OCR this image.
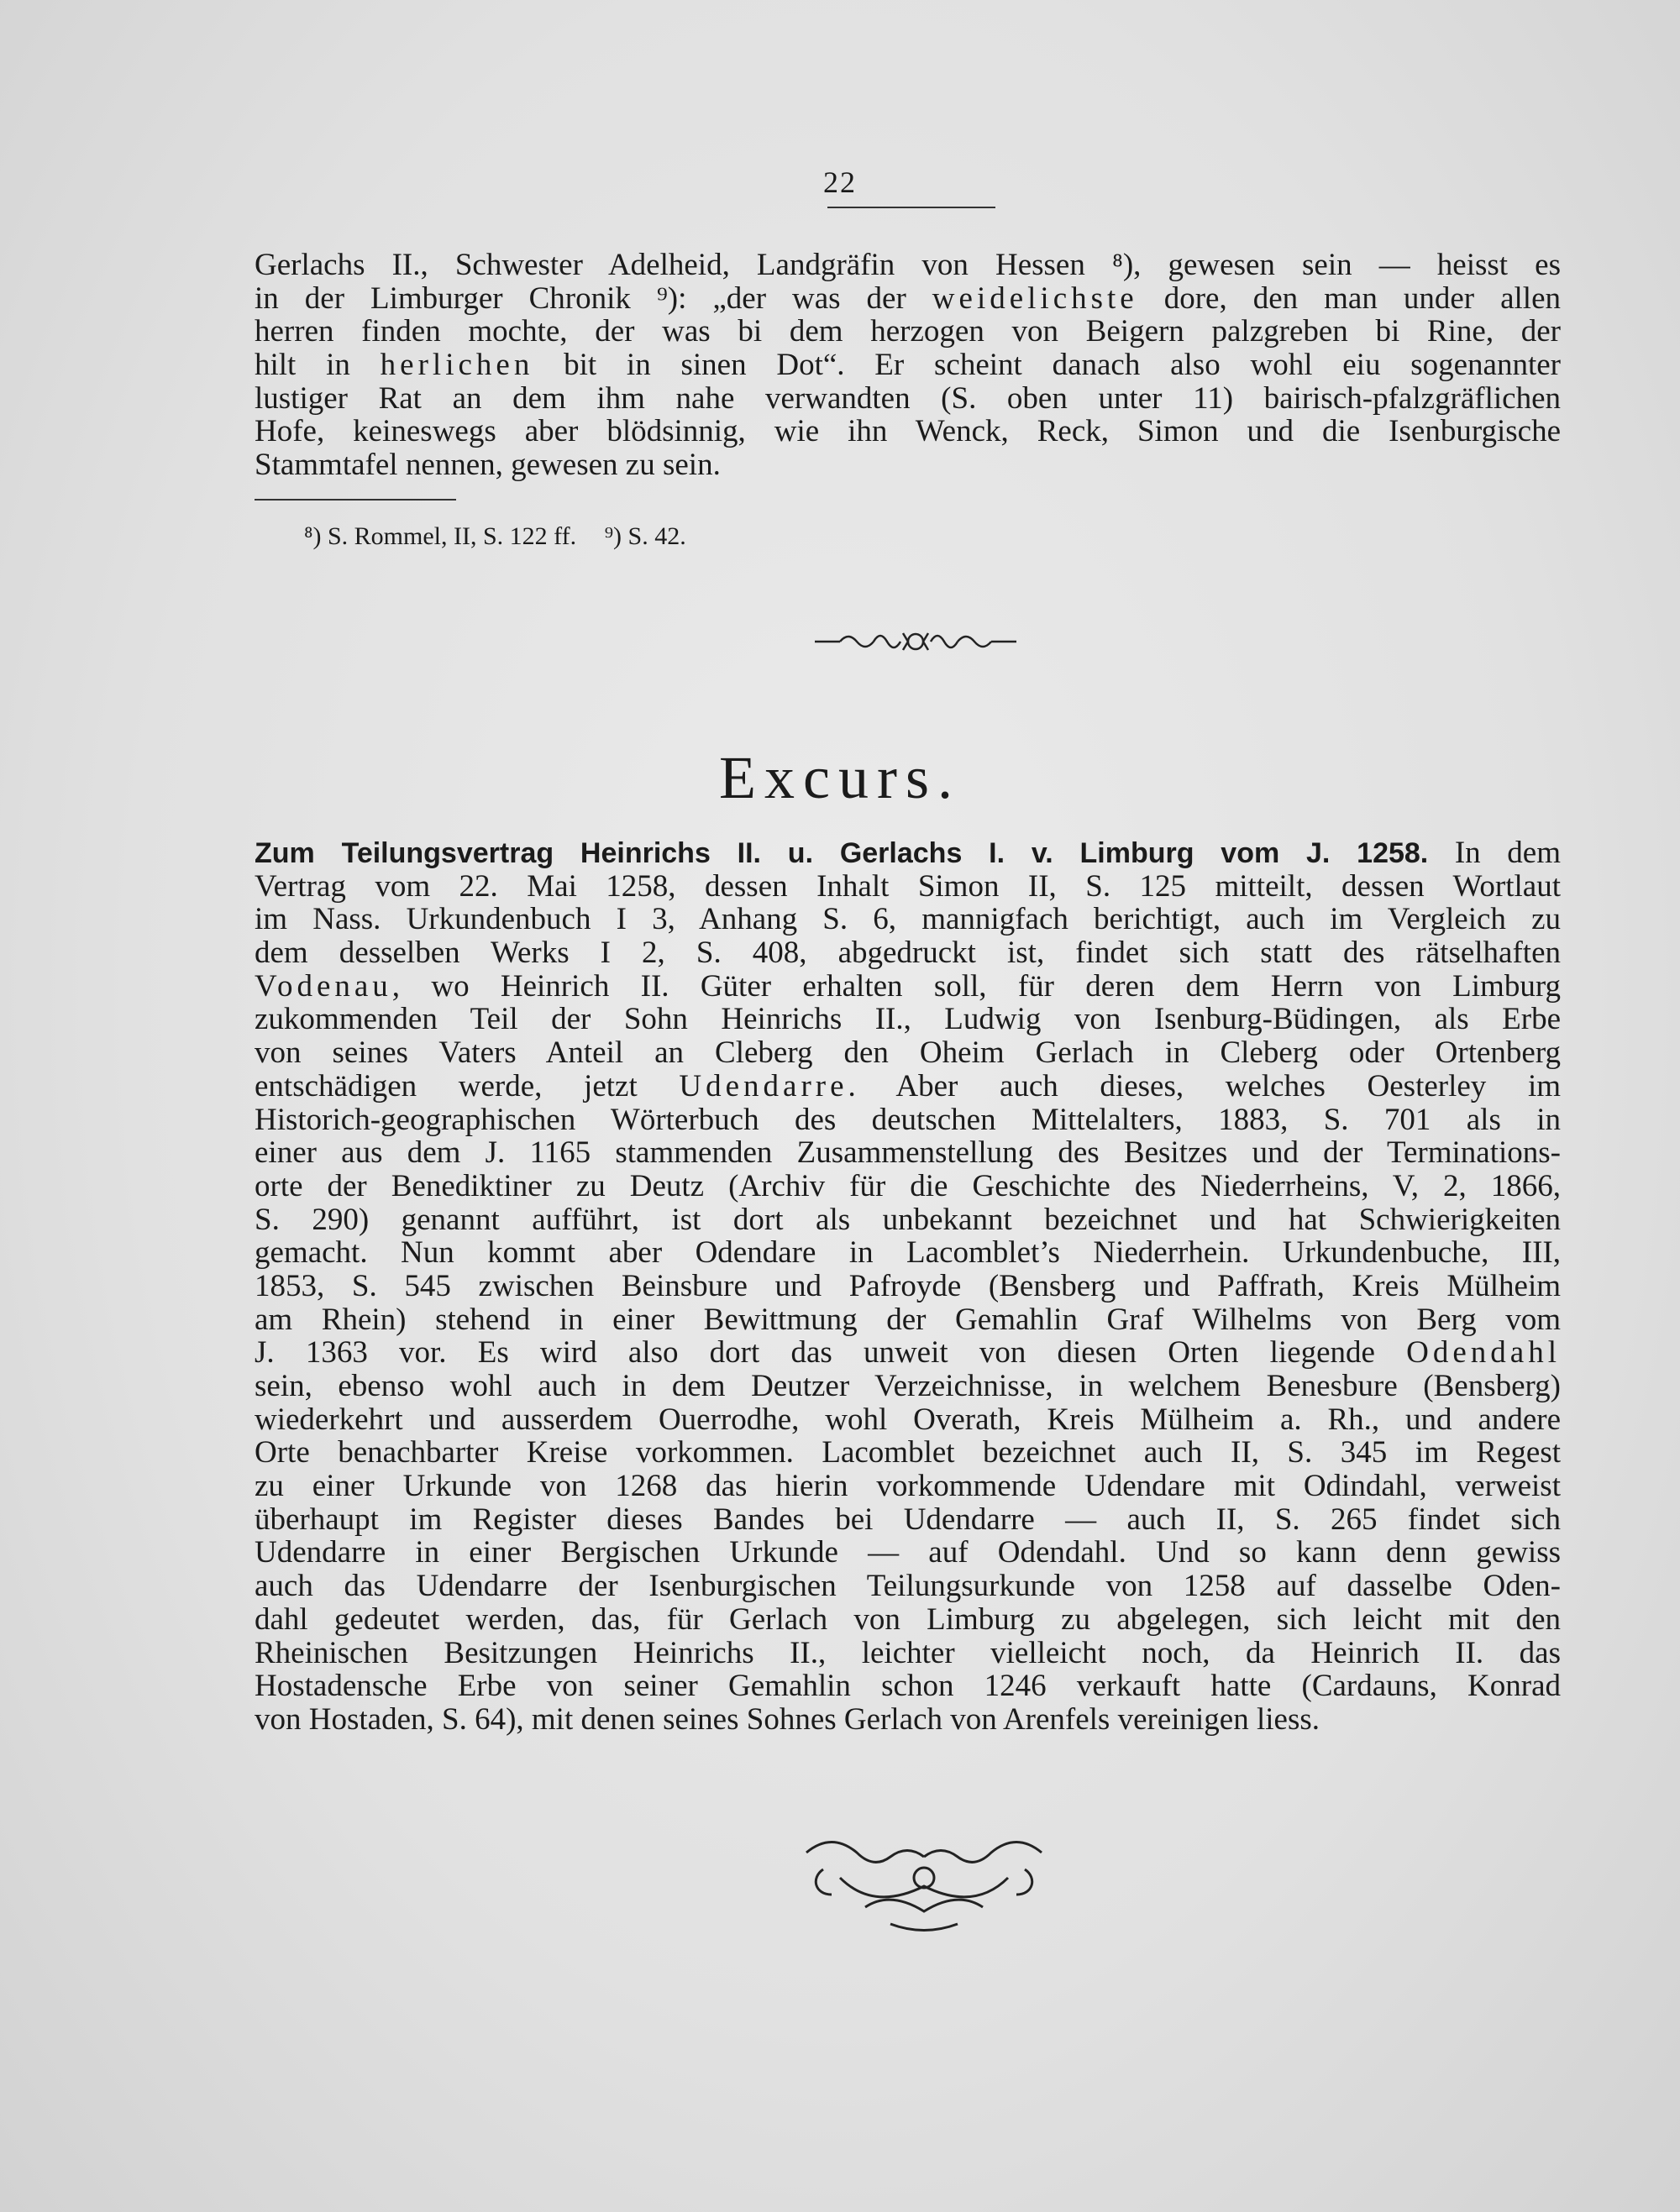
22
Gerlachs II., Schwester Adelheid, Landgräfin von Hessen ⁸), gewesen sein — heisst es
in der Limburger Chronik ⁹): „der was der weidelichste dore, den man under allen
herren finden mochte, der was bi dem herzogen von Beigern palzgreben bi Rine, der
hilt in herlichen bit in sinen Dot“. Er scheint danach also wohl eiu sogenannter
lustiger Rat an dem ihm nahe verwandten (S. oben unter 11) bairisch-pfalzgräflichen
Hofe, keineswegs aber blödsinnig, wie ihn Wenck, Reck, Simon und die Isenburgische
Stammtafel nennen, gewesen zu sein.
⁸) S. Rommel, II, S. 122 ff. ⁹) S. 42.
Excurs.
Zum Teilungsvertrag Heinrichs II. u. Gerlachs I. v. Limburg vom J. 1258. In dem
Vertrag vom 22. Mai 1258, dessen Inhalt Simon II, S. 125 mitteilt, dessen Wortlaut
im Nass. Urkundenbuch I 3, Anhang S. 6, mannigfach berichtigt, auch im Vergleich zu
dem desselben Werks I 2, S. 408, abgedruckt ist, findet sich statt des rätselhaften
Vodenau, wo Heinrich II. Güter erhalten soll, für deren dem Herrn von Limburg
zukommenden Teil der Sohn Heinrichs II., Ludwig von Isenburg-Büdingen, als Erbe
von seines Vaters Anteil an Cleberg den Oheim Gerlach in Cleberg oder Ortenberg
entschädigen werde, jetzt Udendarre. Aber auch dieses, welches Oesterley im
Historich-geographischen Wörterbuch des deutschen Mittelalters, 1883, S. 701 als in
einer aus dem J. 1165 stammenden Zusammenstellung des Besitzes und der Terminations-
orte der Benediktiner zu Deutz (Archiv für die Geschichte des Niederrheins, V, 2, 1866,
S. 290) genannt aufführt, ist dort als unbekannt bezeichnet und hat Schwierigkeiten
gemacht. Nun kommt aber Odendare in Lacomblet’s Niederrhein. Urkundenbuche, III,
1853, S. 545 zwischen Beinsbure und Pafroyde (Bensberg und Paffrath, Kreis Mülheim
am Rhein) stehend in einer Bewittmung der Gemahlin Graf Wilhelms von Berg vom
J. 1363 vor. Es wird also dort das unweit von diesen Orten liegende Odendahl
sein, ebenso wohl auch in dem Deutzer Verzeichnisse, in welchem Benesbure (Bensberg)
wiederkehrt und ausserdem Ouerrodhe, wohl Overath, Kreis Mülheim a. Rh., und andere
Orte benachbarter Kreise vorkommen. Lacomblet bezeichnet auch II, S. 345 im Regest
zu einer Urkunde von 1268 das hierin vorkommende Udendare mit Odindahl, verweist
überhaupt im Register dieses Bandes bei Udendarre — auch II, S. 265 findet sich
Udendarre in einer Bergischen Urkunde — auf Odendahl. Und so kann denn gewiss
auch das Udendarre der Isenburgischen Teilungsurkunde von 1258 auf dasselbe Oden-
dahl gedeutet werden, das, für Gerlach von Limburg zu abgelegen, sich leicht mit den
Rheinischen Besitzungen Heinrichs II., leichter vielleicht noch, da Heinrich II. das
Hostadensche Erbe von seiner Gemahlin schon 1246 verkauft hatte (Cardauns, Konrad
von Hostaden, S. 64), mit denen seines Sohnes Gerlach von Arenfels vereinigen liess.
